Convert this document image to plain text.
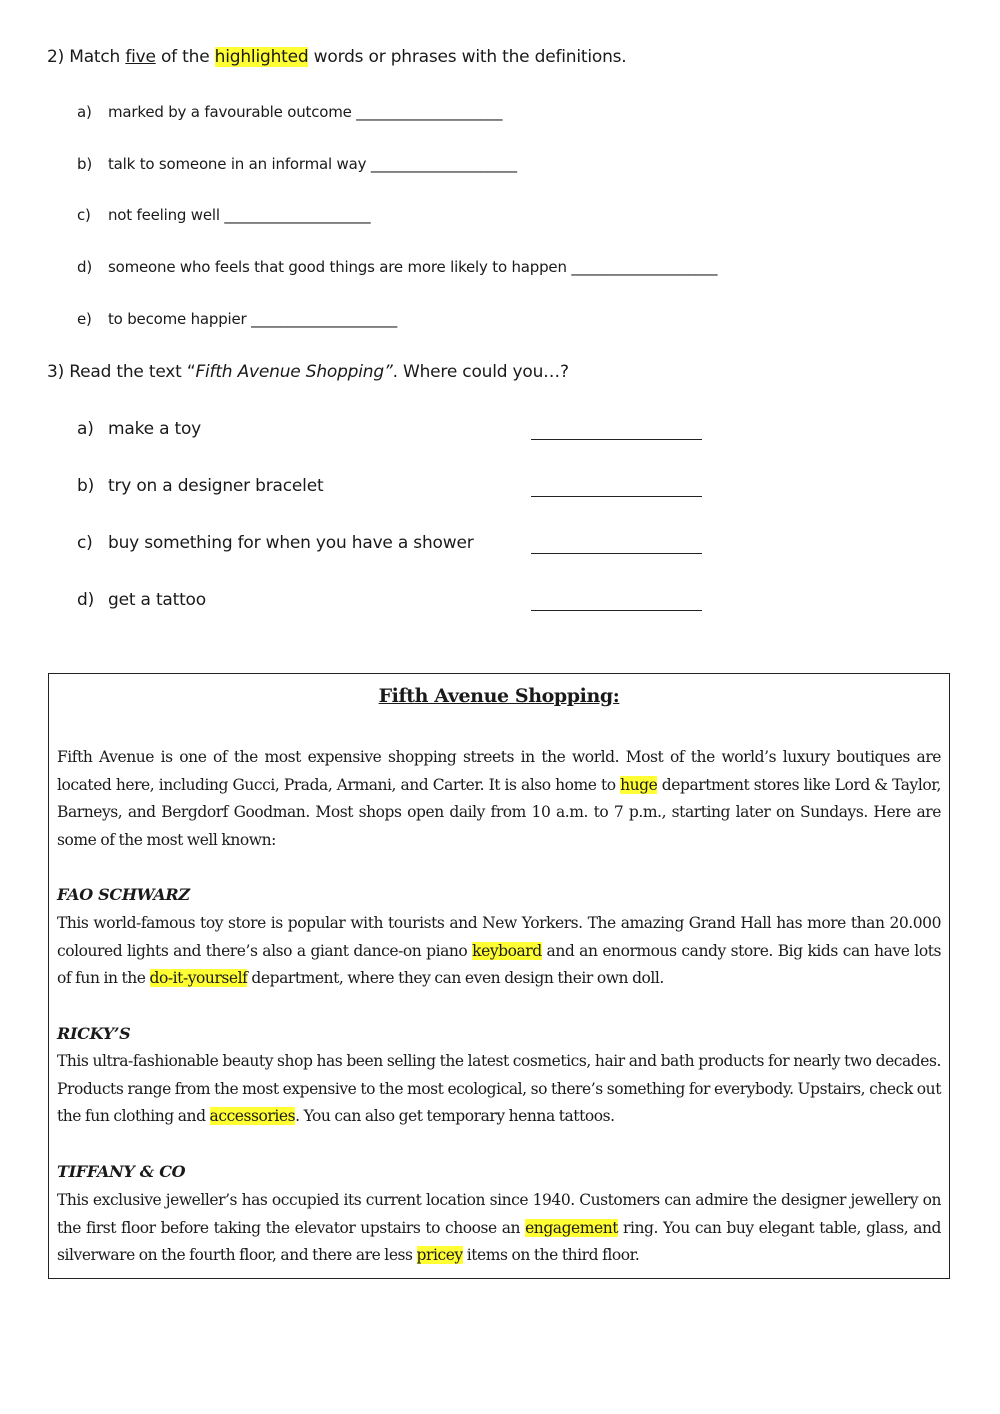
2) Match five of the highlighted words or phrases with the definitions.
a) marked by a favourable outcome ____________________
b) talk to someone in an informal way ____________________
c) not feeling well ____________________
d) someone who feels that good things are more likely to happen ____________________
e) to become happier ____________________
3) Read the text “Fifth Avenue Shopping”. Where could you…?
a) make a toy
b) try on a designer bracelet
c) buy something for when you have a shower
d) get a tattoo
Fifth Avenue Shopping:
Fifth Avenue is one of the most expensive shopping streets in the world. Most of the world’s luxury boutiques are located here, including Gucci, Prada, Armani, and Carter. It is also home to huge department stores like Lord & Taylor, Barneys, and Bergdorf Goodman. Most shops open daily from 10 a.m. to 7 p.m., starting later on Sundays. Here are some of the most well known:
FAO SCHWARZ
This world-famous toy store is popular with tourists and New Yorkers. The amazing Grand Hall has more than 20.000 coloured lights and there’s also a giant dance-on piano keyboard and an enormous candy store. Big kids can have lots of fun in the do-it-yourself department, where they can even design their own doll.
RICKY’S
This ultra-fashionable beauty shop has been selling the latest cosmetics, hair and bath products for nearly two decades. Products range from the most expensive to the most ecological, so there’s something for everybody. Upstairs, check out the fun clothing and accessories. You can also get temporary henna tattoos.
TIFFANY & CO
This exclusive jeweller’s has occupied its current location since 1940. Customers can admire the designer jewellery on the first floor before taking the elevator upstairs to choose an engagement ring. You can buy elegant table, glass, and silverware on the fourth floor, and there are less pricey items on the third floor.
